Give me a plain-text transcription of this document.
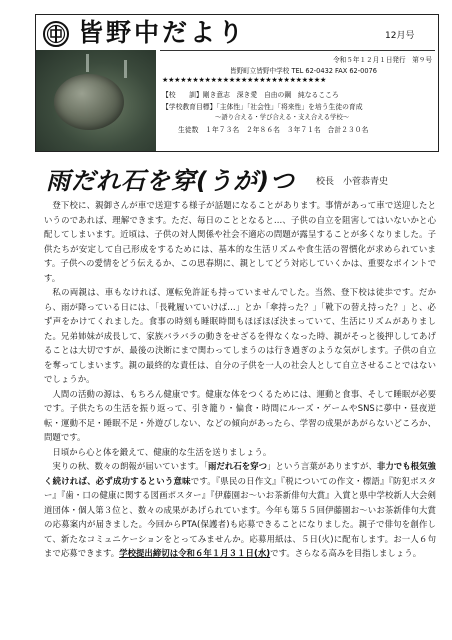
皆野中だより	12月号
令和５年１２月１日発行　第９号
皆野町立皆野中学校 TEL 62-0432 FAX 62-0076
★★★★★★★★★★★★★★★★★★★★★★★★★★★
【校　　訓】剛き意志　深き愛　自由の鋼　純なるこころ
【学校教育目標】「主体性」「社会性」「将来性」を培う生徒の育成
～語り合える・学び合える・支え合える学校～
生徒数　１年７３名　２年８６名　３年７１名　合計２３０名
雨だれ石を穿(うが)つ 校長　小菅恭青史

登下校に、親御さんが車で送迎する様子が話題になることがあります。事情があって車で送迎したというのであれば、理解できます。ただ、毎日のこととなると…、子供の自立を阻害してはいないかと心配してしまいます。近頃は、子供の対人関係や社会不適応の問題が露呈することが多くなりました。子供たちが安定して自己形成をするためには、基本的な生活リズムや食生活の習慣化が求められています。子供への愛情をどう伝えるか、この思春期に、親としてどう対応していくかは、重要なポイントです。

私の両親は、車もなければ、運転免許証も持っていませんでした。当然、登下校は徒歩です。だから、雨が降っている日には、「長靴履いていけば…」とか「傘持った？」「靴下の替え持った？」と、必ず声をかけてくれました。食事の時刻も睡眠時間もほぼほぼ決まっていて、生活にリズムがありました。兄弟姉妹が成長して、家族バラバラの動きをせざるを得なくなった時、親がそっと後押ししてあげることは大切ですが、最後の決断にまで関わってしまうのは行き過ぎのような気がします。子供の自立を奪ってしまいます。親の最終的な責任は、自分の子供を一人の社会人として自立させることではないでしょうか。

人間の活動の源は、もちろん健康です。健康な体をつくるためには、運動と食事、そして睡眠が必要です。子供たちの生活を振り返って、引き籠り・偏食・時間にルーズ・ゲームやSNSに夢中・昼夜逆転・運動不足・睡眠不足・外遊びしない、などの傾向があったら、学習の成果があがらないどころか、問題です。

日頃から心と体を鍛えて、健康的な生活を送りましょう。

実りの秋、数々の朗報が届いています。「雨だれ石を穿つ」という言葉がありますが、非力でも根気強く続ければ、必ず成功するという意味です。『県民の日作文』『税についての作文・標語』『防犯ポスター』『歯・口の健康に関する図画ポスター』『伊藤園お～いお茶新俳句大賞』入賞と県中学校新人大会剣道団体・個人第３位と、数々の成果があげられています。今年も第５５回伊藤園お～いお茶新俳句大賞の応募案内が届きました。今回からPTA(保護者)も応募できることになりました。親子で俳句を創作して、新たなコミュニケーションをとってみませんか。応募用紙は、５日(火)に配布します。お一人６句まで応募できます。学校提出締切は令和６年１月３１日(水)です。さらなる高みを目指しましょう。
